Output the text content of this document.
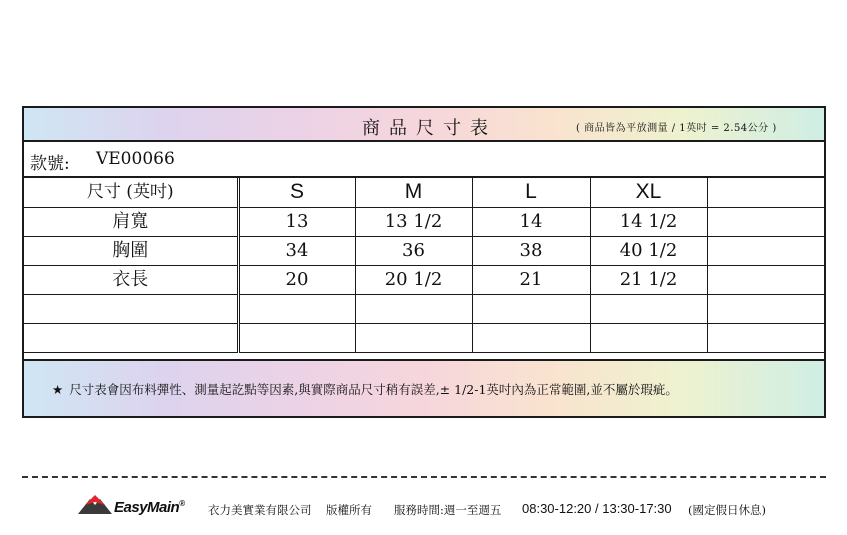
商品尺寸表	( 商品皆為平放測量 / 1英吋 = 2.54公分 )
款號: VE00066
尺寸 (英吋)	S	M	L	XL	
肩寬	13	13 1/2	14	14 1/2	
胸圍	34	36	38	40 1/2	
衣長	20	20 1/2	21	21 1/2	

★ 尺寸表會因布料彈性、測量起訖點等因素,與實際商品尺寸稍有誤差,± 1/2-1英吋內為正常範圍,並不屬於瑕疵。
EasyMain® 衣力美實業有限公司 版權所有 服務時間:週一至週五 08:30-12:20 / 13:30-17:30 (國定假日休息)
